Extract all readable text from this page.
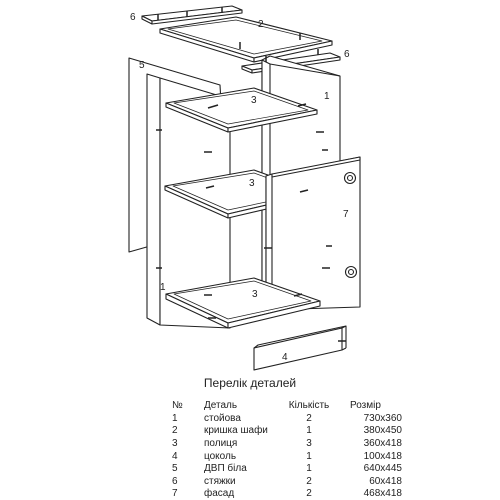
6
2
6
5
1
3
3
7
1
3
4
Перелік деталей
№	Деталь	Кількість	Розмір
1	стойова	2	730x360
2	кришка шафи	1	380x450
3	полиця	3	360x418
4	цоколь	1	100x418
5	ДВП біла	1	640x445
6	стяжки	2	60x418
7	фасад	2	468x418
